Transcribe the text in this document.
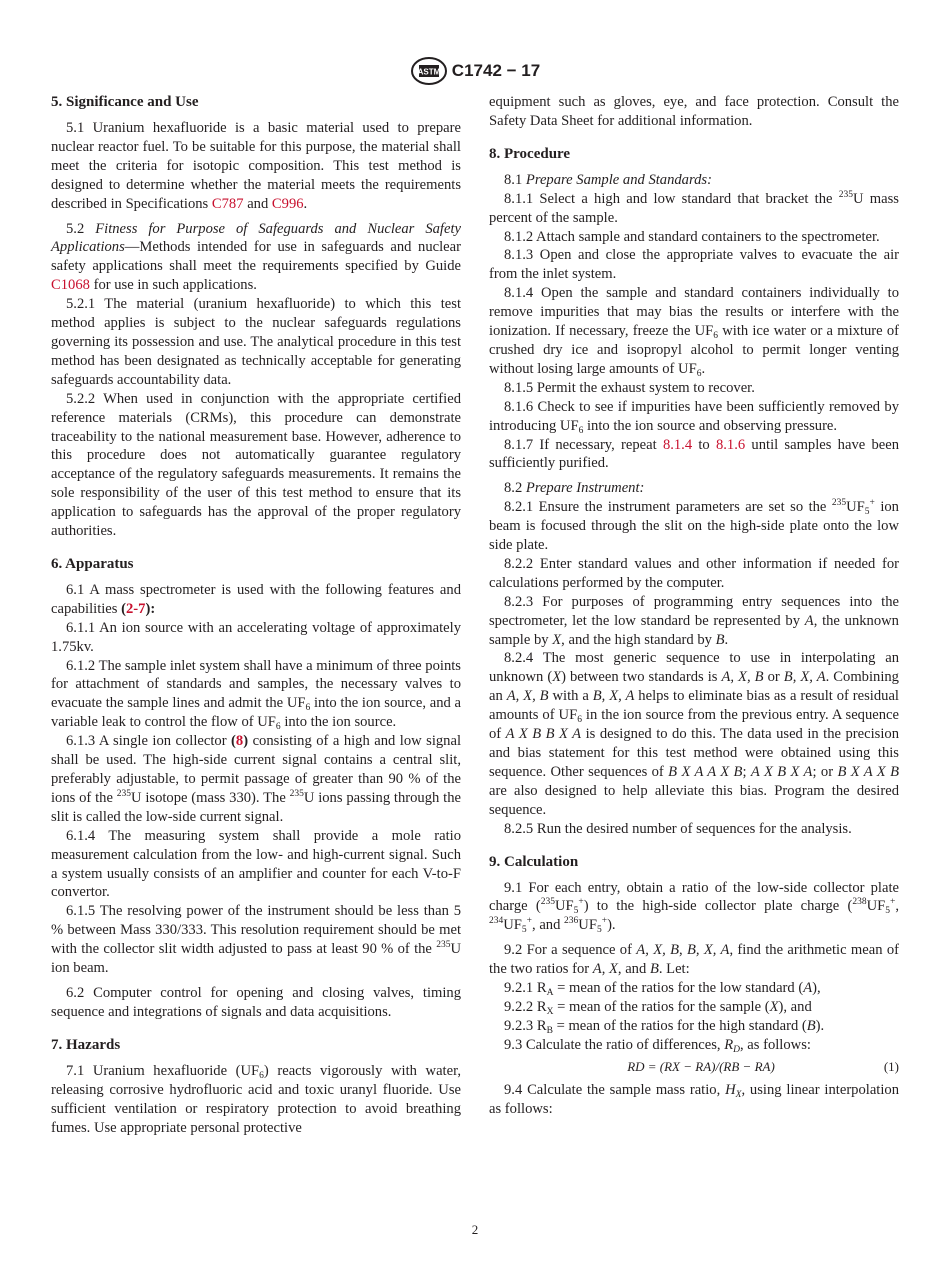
ASTM C1742 − 17
5. Significance and Use

5.1 Uranium hexafluoride is a basic material used to prepare nuclear reactor fuel. To be suitable for this purpose, the material shall meet the criteria for isotopic composition. This test method is designed to determine whether the material meets the requirements described in Specifications C787 and C996.

5.2 Fitness for Purpose of Safeguards and Nuclear Safety Applications—Methods intended for use in safeguards and nuclear safety applications shall meet the requirements specified by Guide C1068 for use in such applications.

5.2.1 The material (uranium hexafluoride) to which this test method applies is subject to the nuclear safeguards regulations governing its possession and use. The analytical procedure in this test method has been designated as technically acceptable for generating safeguards accountability data.

5.2.2 When used in conjunction with the appropriate certified reference materials (CRMs), this procedure can demonstrate traceability to the national measurement base. However, adherence to this procedure does not automatically guarantee regulatory acceptance of the regulatory safeguards measurements. It remains the sole responsibility of the user of this test method to ensure that its application to safeguards has the approval of the proper regulatory authorities.

6. Apparatus

6.1 A mass spectrometer is used with the following features and capabilities (2-7):

6.1.1 An ion source with an accelerating voltage of approximately 1.75kv.

6.1.2 The sample inlet system shall have a minimum of three points for attachment of standards and samples, the necessary valves to evacuate the sample lines and admit the $UF_6$ into the ion source, and a variable leak to control the flow of $UF_6$ into the ion source.

6.1.3 A single ion collector (8) consisting of a high and low signal shall be used. The high-side current signal contains a central slit, preferably adjustable, to permit passage of greater than 90 % of the ions of the $^{235}$U isotope (mass 330). The $^{235}$U ions passing through the slit is called the low-side current signal.

6.1.4 The measuring system shall provide a mole ratio measurement calculation from the low- and high-current signal. Such a system usually consists of an amplifier and counter for each V-to-F convertor.

6.1.5 The resolving power of the instrument should be less than 5 % between Mass 330/333. This resolution requirement should be met with the collector slit width adjusted to pass at least 90 % of the $^{235}$U ion beam.

6.2 Computer control for opening and closing valves, timing sequence and integrations of signals and data acquisitions.

7. Hazards

7.1 Uranium hexafluoride $(UF_6)$ reacts vigorously with water, releasing corrosive hydrofluoric acid and toxic uranyl fluoride. Use sufficient ventilation or respiratory protection to avoid breathing fumes. Use appropriate personal protective

equipment such as gloves, eye, and face protection. Consult the Safety Data Sheet for additional information.

8. Procedure

8.1 Prepare Sample and Standards:

8.1.1 Select a high and low standard that bracket the $^{235}$U mass percent of the sample.

8.1.2 Attach sample and standard containers to the spectrometer.

8.1.3 Open and close the appropriate valves to evacuate the air from the inlet system.

8.1.4 Open the sample and standard containers individually to remove impurities that may bias the results or interfere with the ionization. If necessary, freeze the $UF_6$ with ice water or a mixture of crushed dry ice and isopropyl alcohol to permit longer venting without losing large amounts of $UF_6$.

8.1.5 Permit the exhaust system to recover.

8.1.6 Check to see if impurities have been sufficiently removed by introducing $UF_6$ into the ion source and observing pressure.

8.1.7 If necessary, repeat 8.1.4 to 8.1.6 until samples have been sufficiently purified.

8.2 Prepare Instrument:

8.2.1 Ensure the instrument parameters are set so the $^{235}UF_5^+$ ion beam is focused through the slit on the high-side plate onto the low side plate.

8.2.2 Enter standard values and other information if needed for calculations performed by the computer.

8.2.3 For purposes of programming entry sequences into the spectrometer, let the low standard be represented by A, the unknown sample by X, and the high standard by B.

8.2.4 The most generic sequence to use in interpolating an unknown (X) between two standards is A, X, B or B, X, A. Combining an A, X, B with a B, X, A helps to eliminate bias as a result of residual amounts of $UF_6$ in the ion source from the previous entry. A sequence of A X B B X A is designed to do this. The data used in the precision and bias statement for this test method were obtained using this sequence. Other sequences of B X A A X B; A X B X A; or B X A X B are also designed to help alleviate this bias. Program the desired sequence.

8.2.5 Run the desired number of sequences for the analysis.

9. Calculation

9.1 For each entry, obtain a ratio of the low-side collector plate charge $(^{235}UF_5^+)$ to the high-side collector plate charge ($^{238}UF_5^+$, $^{234}UF_5^+$, and $^{236}UF_5^+$).

9.2 For a sequence of A, X, B, B, X, A, find the arithmetic mean of the two ratios for A, X, and B. Let:

9.2.1 $R_A$ = mean of the ratios for the low standard (A),

9.2.2 $R_X$ = mean of the ratios for the sample (X), and

9.2.3 $R_B$ = mean of the ratios for the high standard (B).

9.3 Calculate the ratio of differences, $R_D$, as follows:

RD = (RX − RA)/(RB − RA)	(1)

9.4 Calculate the sample mass ratio, $H_X$, using linear interpolation as follows:

2
